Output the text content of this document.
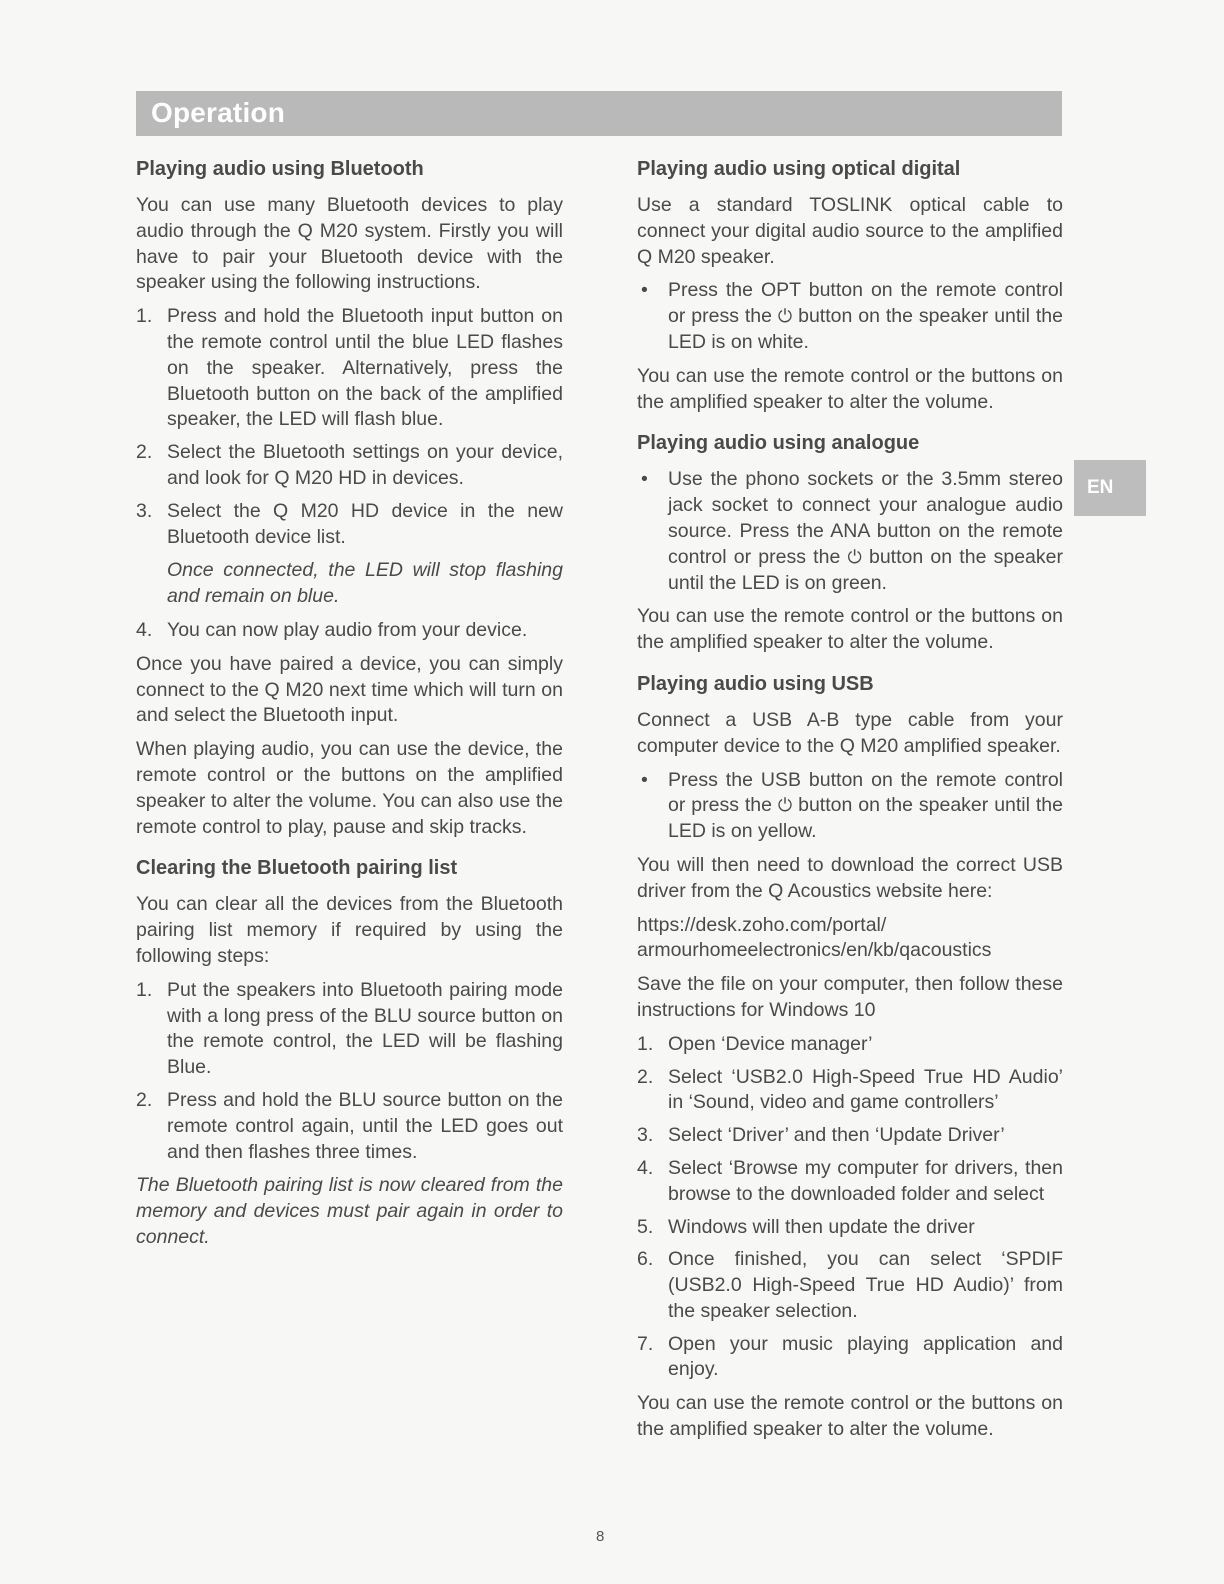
Operation
EN
Playing audio using Bluetooth

You can use many Bluetooth devices to play audio through the Q M20 system. Firstly you will have to pair your Bluetooth device with the speaker using the following instructions.

1. Press and hold the Bluetooth input button on the remote control until the blue LED flashes on the speaker. Alternatively, press the Bluetooth button on the back of the amplified speaker, the LED will flash blue.
2. Select the Bluetooth settings on your device, and look for Q M20 HD in devices.
3. Select the Q M20 HD device in the new Bluetooth device list.

Once connected, the LED will stop flashing and remain on blue.

4. You can now play audio from your device.

Once you have paired a device, you can simply connect to the Q M20 next time which will turn on and select the Bluetooth input.

When playing audio, you can use the device, the remote control or the buttons on the amplified speaker to alter the volume. You can also use the remote control to play, pause and skip tracks.

Clearing the Bluetooth pairing list

You can clear all the devices from the Bluetooth pairing list memory if required by using the following steps:

1. Put the speakers into Bluetooth pairing mode with a long press of the BLU source button on the remote control, the LED will be flashing Blue.
2. Press and hold the BLU source button on the remote control again, until the LED goes out and then flashes three times.

The Bluetooth pairing list is now cleared from the memory and devices must pair again in order to connect.

Playing audio using optical digital

Use a standard TOSLINK optical cable to connect your digital audio source to the amplified Q M20 speaker.

• Press the OPT button on the remote control or press the ⏻ button on the speaker until the LED is on white.

You can use the remote control or the buttons on the amplified speaker to alter the volume.

Playing audio using analogue
• Use the phono sockets or the 3.5mm stereo jack socket to connect your analogue audio source. Press the ANA button on the remote control or press the ⏻ button on the speaker until the LED is on green.

You can use the remote control or the buttons on the amplified speaker to alter the volume.

Playing audio using USB

Connect a USB A-B type cable from your computer device to the Q M20 amplified speaker.

• Press the USB button on the remote control or press the ⏻ button on the speaker until the LED is on yellow.

You will then need to download the correct USB driver from the Q Acoustics website here:

https://desk.zoho.com/portal/ armourhomeelectronics/en/kb/qacoustics

Save the file on your computer, then follow these instructions for Windows 10

1. Open ‘Device manager’
2. Select ‘USB2.0 High-Speed True HD Audio’ in ‘Sound, video and game controllers’
3. Select ‘Driver’ and then ‘Update Driver’
4. Select ‘Browse my computer for drivers, then browse to the downloaded folder and select
5. Windows will then update the driver
6. Once finished, you can select ‘SPDIF (USB2.0 High-Speed True HD Audio)’ from the speaker selection.
7. Open your music playing application and enjoy.

You can use the remote control or the buttons on the amplified speaker to alter the volume.

8
